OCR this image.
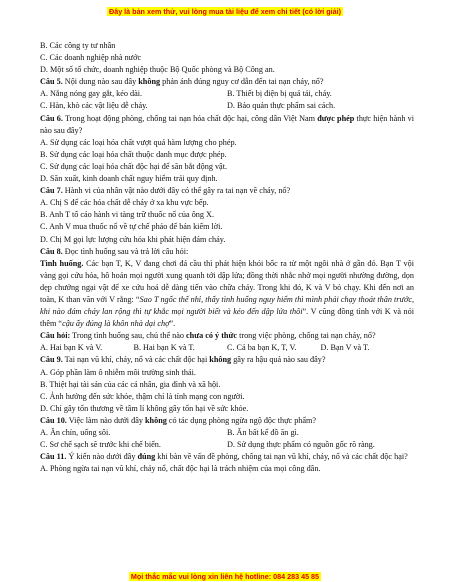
Đây là bản xem thử, vui lòng mua tài liệu để xem chi tiết (có lời giải)
B. Các công ty tư nhân
C. Các doanh nghiệp nhà nước
D. Một số tổ chức, doanh nghiệp thuộc Bộ Quốc phòng và Bộ Công an.
Câu 5. Nội dung nào sau đây không phản ánh đúng nguy cơ dẫn đến tai nạn cháy, nổ?
A. Nắng nóng gay gắt, kéo dài.	B. Thiết bị điện bị quá tải, cháy.
C. Hàn, khò các vật liệu dễ cháy.	D. Bảo quản thực phẩm sai cách.
Câu 6. Trong hoạt động phòng, chống tai nạn hóa chất độc hại, công dân Việt Nam được phép thực hiện hành vi nào sau đây?
A. Sử dụng các loại hóa chất vượt quá hàm lượng cho phép.
B. Sử dụng các loại hóa chất thuộc danh mục được phép.
C. Sử dụng các loại hóa chất độc hại để săn bắt động vật.
D. Săn xuất, kinh doanh chất nguy hiểm trái quy định.
Câu 7. Hành vi của nhân vật nào dưới đây có thể gây ra tai nạn về cháy, nổ?
A. Chị S để các hóa chất dễ cháy ở xa khu vực bếp.
B. Anh T tố cáo hành vi tàng trữ thuốc nổ của ông X.
C. Anh V mua thuốc nổ về tự chế pháo để bán kiếm lời.
D. Chị M gọi lực lượng cứu hỏa khi phát hiện đám cháy.
Câu 8. Đọc tình huống sau và trả lời câu hỏi:
Tình huống. Các bạn T, K, V đang chơi đá cầu thì phát hiện khói bốc ra từ một ngôi nhà ở gần đó. Bạn T vội vàng gọi cứu hỏa, hô hoán mọi người xung quanh tới dập lửa; đồng thời nhắc nhở mọi người nhường đường, dọn dẹp chướng ngại vật để xe cứu hoả dễ dàng tiến vào chữa cháy. Trong khi đó, K và V bỏ chạy. Khi đến nơi an toàn, K than vãn với V rằng: “Sao T ngốc thế nhỉ, thấy tình huống nguy hiểm thì mình phải chạy thoát thân trước, khi nào đám cháy lan rộng thì tự khắc mọi người biết và kéo đến dập lửa thôi”. V cũng đồng tình với K và nói thêm “cậu ấy đúng là khôn nhà dại chợ”.
Câu hỏi: Trong tình huống sau, chủ thể nào chưa có ý thức trong việc phòng, chống tai nạn cháy, nổ?
A. Hai bạn K và V.	B. Hai bạn K và T.	C. Cả ba bạn K, T, V.	D. Bạn V và T.
Câu 9. Tai nạn vũ khí, cháy, nổ và các chất độc hại không gây ra hậu quả nào sau đây?
A. Góp phần làm ô nhiễm môi trường sinh thái.
B. Thiệt hại tài sản của các cá nhân, gia đình và xã hội.
C. Ảnh hưởng đến sức khỏe, thậm chí là tính mạng con người.
D. Chỉ gây tổn thương về tâm lí không gây tổn hại về sức khỏe.
Câu 10. Việc làm nào dưới đây không có tác dụng phòng ngừa ngộ độc thực phẩm?
A. Ăn chín, uống sôi.	B. Ăn bất kể đồ ăn gì.
C. Sơ chế sạch sẽ trước khi chế biến.	D. Sử dụng thực phẩm có nguồn gốc rõ ràng.
Câu 11. Ý kiến nào dưới đây đúng khi bàn về vấn đề phòng, chống tai nạn vũ khí, cháy, nổ và các chất độc hại?
A. Phòng ngừa tai nạn vũ khí, cháy nổ, chất độc hại là trách nhiệm của mọi công dân.
Mọi thắc mắc vui lòng xin liên hệ hotline: 084 283 45 85
